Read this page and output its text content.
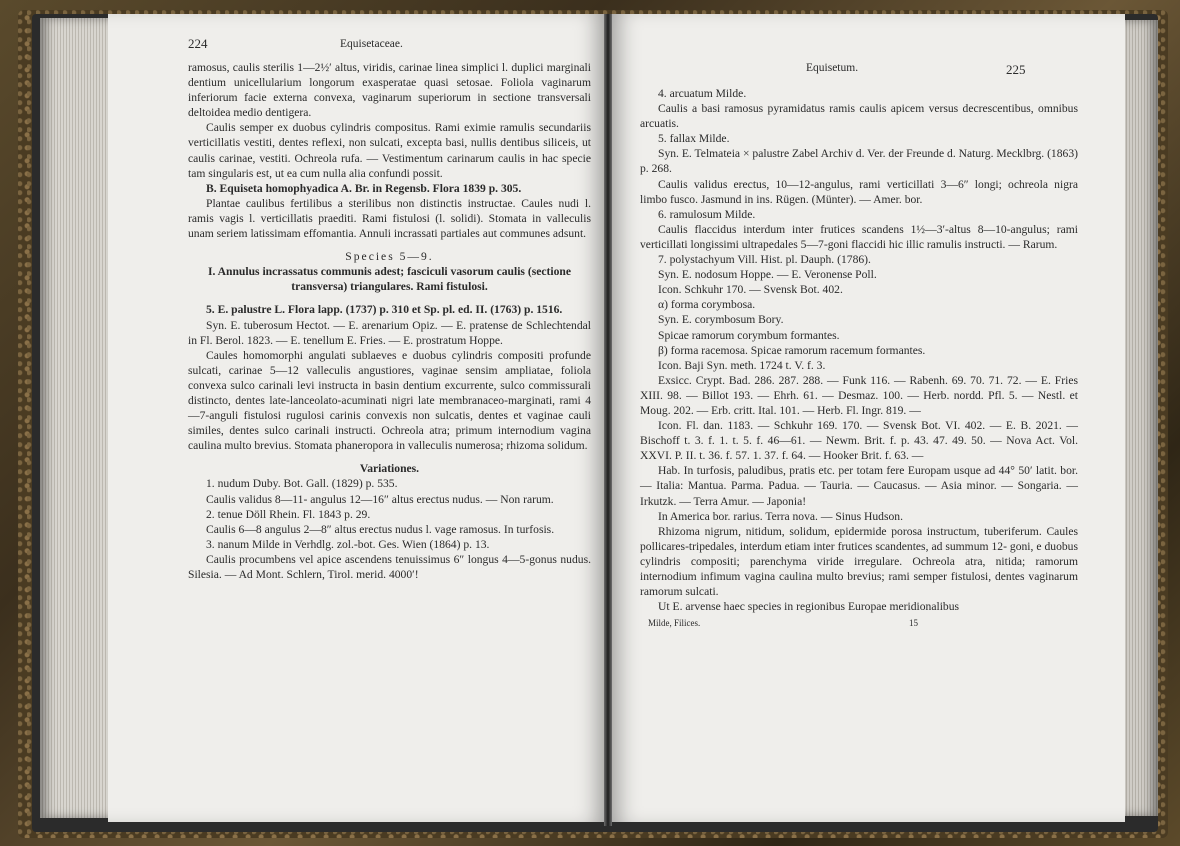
224	Equisetaceae.

ramosus, caulis sterilis 1—2½′ altus, viridis, carinae linea simplici l. duplici marginali dentium unicellularium longorum exasperatae quasi setosae. Foliola vaginarum inferiorum facie externa convexa, vaginarum superiorum in sectione transversali deltoidea medio dentigera.

Caulis semper ex duobus cylindris compositus. Rami eximie ramulis secundariis verticillatis vestiti, dentes reflexi, non sulcati, excepta basi, nullis dentibus siliceis, ut caulis carinae, vestiti. Ochreola rufa. — Vestimentum carinarum caulis in hac specie tam singularis est, ut ea cum nulla alia confundi possit.

B. Equiseta homophyadica A. Br. in Regensb. Flora 1839 p. 305.

Plantae caulibus fertilibus a sterilibus non distinctis instructae. Caules nudi l. ramis vagis l. verticillatis praediti. Rami fistulosi (l. solidi). Stomata in valleculis unam seriem latissimam effomantia. Annuli incrassati partiales aut communes adsunt.

Species 5—9.

I. Annulus incrassatus communis adest; fasciculi vasorum caulis (sectione transversa) triangulares. Rami fistulosi.

5. E. palustre L. Flora lapp. (1737) p. 310 et Sp. pl. ed. II. (1763) p. 1516.

Syn. E. tuberosum Hectot. — E. arenarium Opiz. — E. pratense de Schlechtendal in Fl. Berol. 1823. — E. tenellum E. Fries. — E. prostratum Hoppe.

Caules homomorphi angulati sublaeves e duobus cylindris compositi profunde sulcati, carinae 5—12 valleculis angustiores, vaginae sensim ampliatae, foliola convexa sulco carinali levi instructa in basin dentium excurrente, sulco commissurali distincto, dentes late-lanceolato-acuminati nigri late membranaceo-marginati, rami 4—7-anguli fistulosi rugulosi carinis convexis non sulcatis, dentes et vaginae cauli similes, dentes sulco carinali instructi. Ochreola atra; primum internodium vagina caulina multo brevius. Stomata phaneropora in valleculis numerosa; rhizoma solidum.

Variationes.

1. nudum Duby. Bot. Gall. (1829) p. 535.

Caulis validus 8—11- angulus 12—16″ altus erectus nudus. — Non rarum.

2. tenue Döll Rhein. Fl. 1843 p. 29.

Caulis 6—8 angulus 2—8″ altus erectus nudus l. vage ramosus. In turfosis.

3. nanum Milde in Verhdlg. zol.-bot. Ges. Wien (1864) p. 13.

Caulis procumbens vel apice ascendens tenuissimus 6″ longus 4—5-gonus nudus. Silesia. — Ad Mont. Schlern, Tirol. merid. 4000′!

Equisetum.	225

4. arcuatum Milde.

Caulis a basi ramosus pyramidatus ramis caulis apicem versus decrescentibus, omnibus arcuatis.

5. fallax Milde.

Syn. E. Telmateia × palustre Zabel Archiv d. Ver. der Freunde d. Naturg. Mecklbrg. (1863) p. 268.

Caulis validus erectus, 10—12-angulus, rami verticillati 3—6″ longi; ochreola nigra limbo fusco. Jasmund in ins. Rügen. (Münter). — Amer. bor.

6. ramulosum Milde.

Caulis flaccidus interdum inter frutices scandens 1½—3′-altus 8—10-angulus; rami verticillati longissimi ultrapedales 5—7-goni flaccidi hic illic ramulis instructi. — Rarum.

7. polystachyum Vill. Hist. pl. Dauph. (1786).

Syn. E. nodosum Hoppe. — E. Veronense Poll.

Icon. Schkuhr 170. — Svensk Bot. 402.

α) forma corymbosa.

Syn. E. corymbosum Bory.

Spicae ramorum corymbum formantes.

β) forma racemosa. Spicae ramorum racemum formantes.

Icon. Baji Syn. meth. 1724 t. V. f. 3.

Exsicc. Crypt. Bad. 286. 287. 288. — Funk 116. — Rabenh. 69. 70. 71. 72. — E. Fries XIII. 98. — Billot 193. — Ehrh. 61. — Desmaz. 100. — Herb. nordd. Pfl. 5. — Nestl. et Moug. 202. — Erb. critt. Ital. 101. — Herb. Fl. Ingr. 819. —

Icon. Fl. dan. 1183. — Schkuhr 169. 170. — Svensk Bot. VI. 402. — E. B. 2021. — Bischoff t. 3. f. 1. t. 5. f. 46—61. — Newm. Brit. f. p. 43. 47. 49. 50. — Nova Act. Vol. XXVI. P. II. t. 36. f. 57. 1. 37. f. 64. — Hooker Brit. f. 63. —

Hab. In turfosis, paludibus, pratis etc. per totam fere Europam usque ad 44° 50′ latit. bor. — Italia: Mantua. Parma. Padua. — Tauria. — Caucasus. — Asia minor. — Songaria. — Irkutzk. — Terra Amur. — Japonia!

In America bor. rarius. Terra nova. — Sinus Hudson.

Rhizoma nigrum, nitidum, solidum, epidermide porosa instructum, tuberiferum. Caules pollicares-tripedales, interdum etiam inter frutices scandentes, ad summum 12- goni, e duobus cylindris compositi; parenchyma viride irregulare. Ochreola atra, nitida; ramorum internodium infimum vagina caulina multo brevius; rami semper fistulosi, dentes vaginarum ramorum sulcati.

Ut E. arvense haec species in regionibus Europae meridionalibus

Milde, Filices.	15
